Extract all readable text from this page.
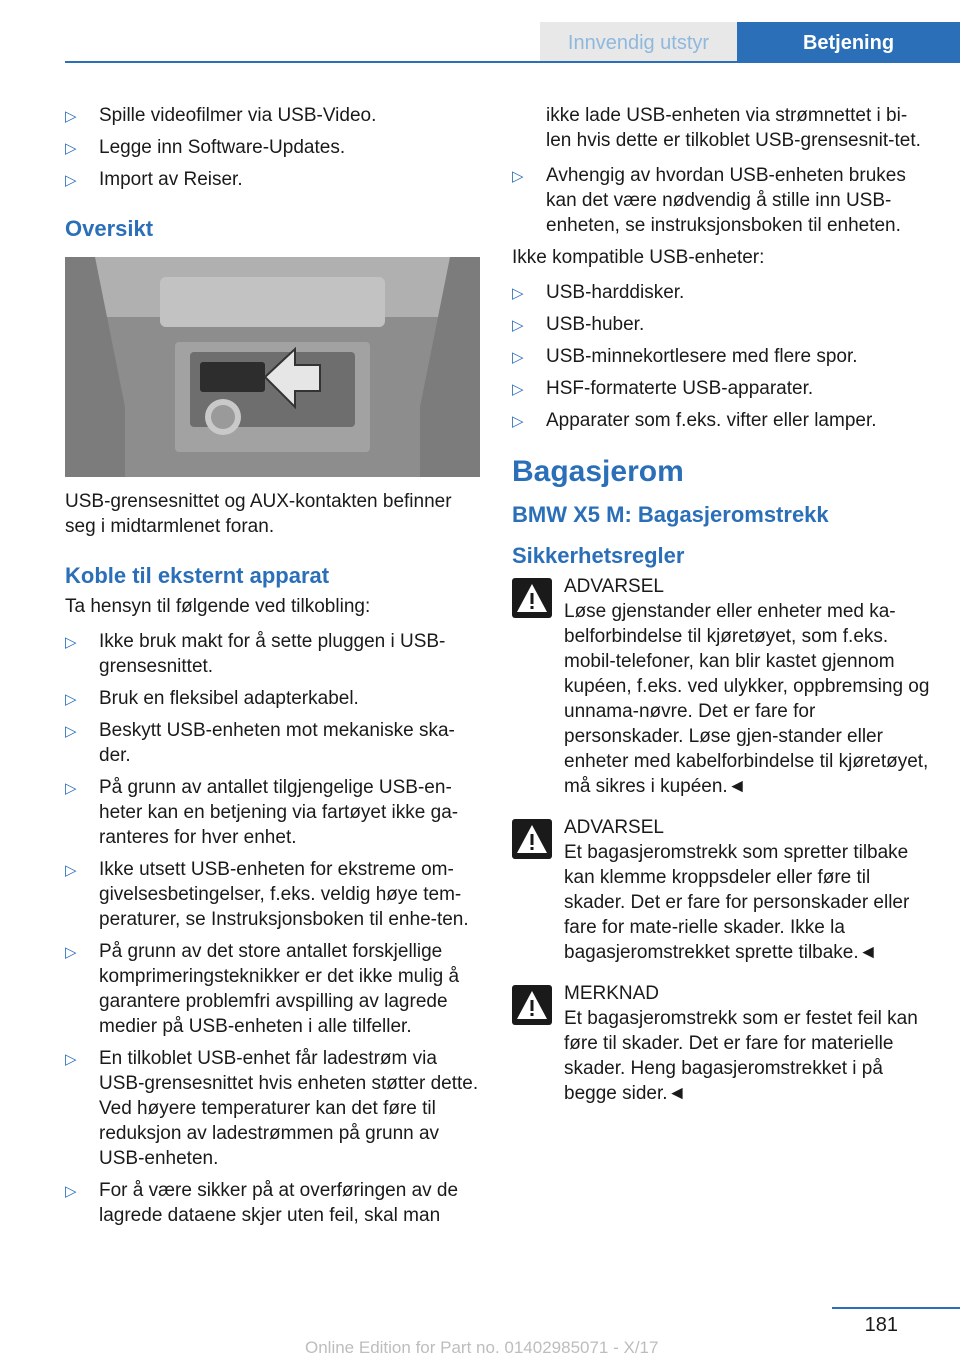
Innvendig utstyr	Betjening
▷ Spille videofilmer via USB-Video.
▷ Legge inn Software-Updates.
▷ Import av Reiser.
Oversikt
USB-grensesnittet og AUX-kontakten befinner seg i midtarmlenet foran.
Koble til eksternt apparat
Ta hensyn til følgende ved tilkobling:
▷ Ikke bruk makt for å sette pluggen i USB-grensesnittet.
▷ Bruk en fleksibel adapterkabel.
▷ Beskytt USB-enheten mot mekaniske ska-der.
▷ På grunn av antallet tilgjengelige USB-en-heter kan en betjening via fartøyet ikke ga-ranteres for hver enhet.
▷ Ikke utsett USB-enheten for ekstreme om-givelsesbetingelser, f.eks. veldig høye tem-peraturer, se Instruksjonsboken til enhe-ten.
▷ På grunn av det store antallet forskjellige komprimeringsteknikker er det ikke mulig å garantere problemfri avspilling av lagrede medier på USB-enheten i alle tilfeller.
▷ En tilkoblet USB-enhet får ladestrøm via USB-grensesnittet hvis enheten støtter dette. Ved høyere temperaturer kan det føre til reduksjon av ladestrømmen på grunn av USB-enheten.
▷ For å være sikker på at overføringen av de lagrede dataene skjer uten feil, skal man
ikke lade USB-enheten via strømnettet i bi-len hvis dette er tilkoblet USB-grensesnit-tet.
▷ Avhengig av hvordan USB-enheten brukes kan det være nødvendig å stille inn USB-enheten, se instruksjonsboken til enheten.
Ikke kompatible USB-enheter:
▷ USB-harddisker.
▷ USB-huber.
▷ USB-minnekortlesere med flere spor.
▷ HSF-formaterte USB-apparater.
▷ Apparater som f.eks. vifter eller lamper.
Bagasjerom
BMW X5 M: Bagasjeromstrekk
Sikkerhetsregler
ADVARSEL
Løse gjenstander eller enheter med ka-belforbindelse til kjøretøyet, som f.eks. mobil-telefoner, kan blir kastet gjennom kupéen, f.eks. ved ulykker, oppbremsing og unnama-nøvre. Det er fare for personskader. Løse gjen-stander eller enheter med kabelforbindelse til kjøretøyet, må sikres i kupéen.◄
ADVARSEL
Et bagasjeromstrekk som spretter tilbake kan klemme kroppsdeler eller føre til skader. Det er fare for personskader eller fare for mate-rielle skader. Ikke la bagasjeromstrekket sprette tilbake.◄
MERKNAD
Et bagasjeromstrekk som er festet feil kan føre til skader. Det er fare for materielle skader. Heng bagasjeromstrekket i på begge sider.◄
181
Online Edition for Part no. 01402985071 - X/17
